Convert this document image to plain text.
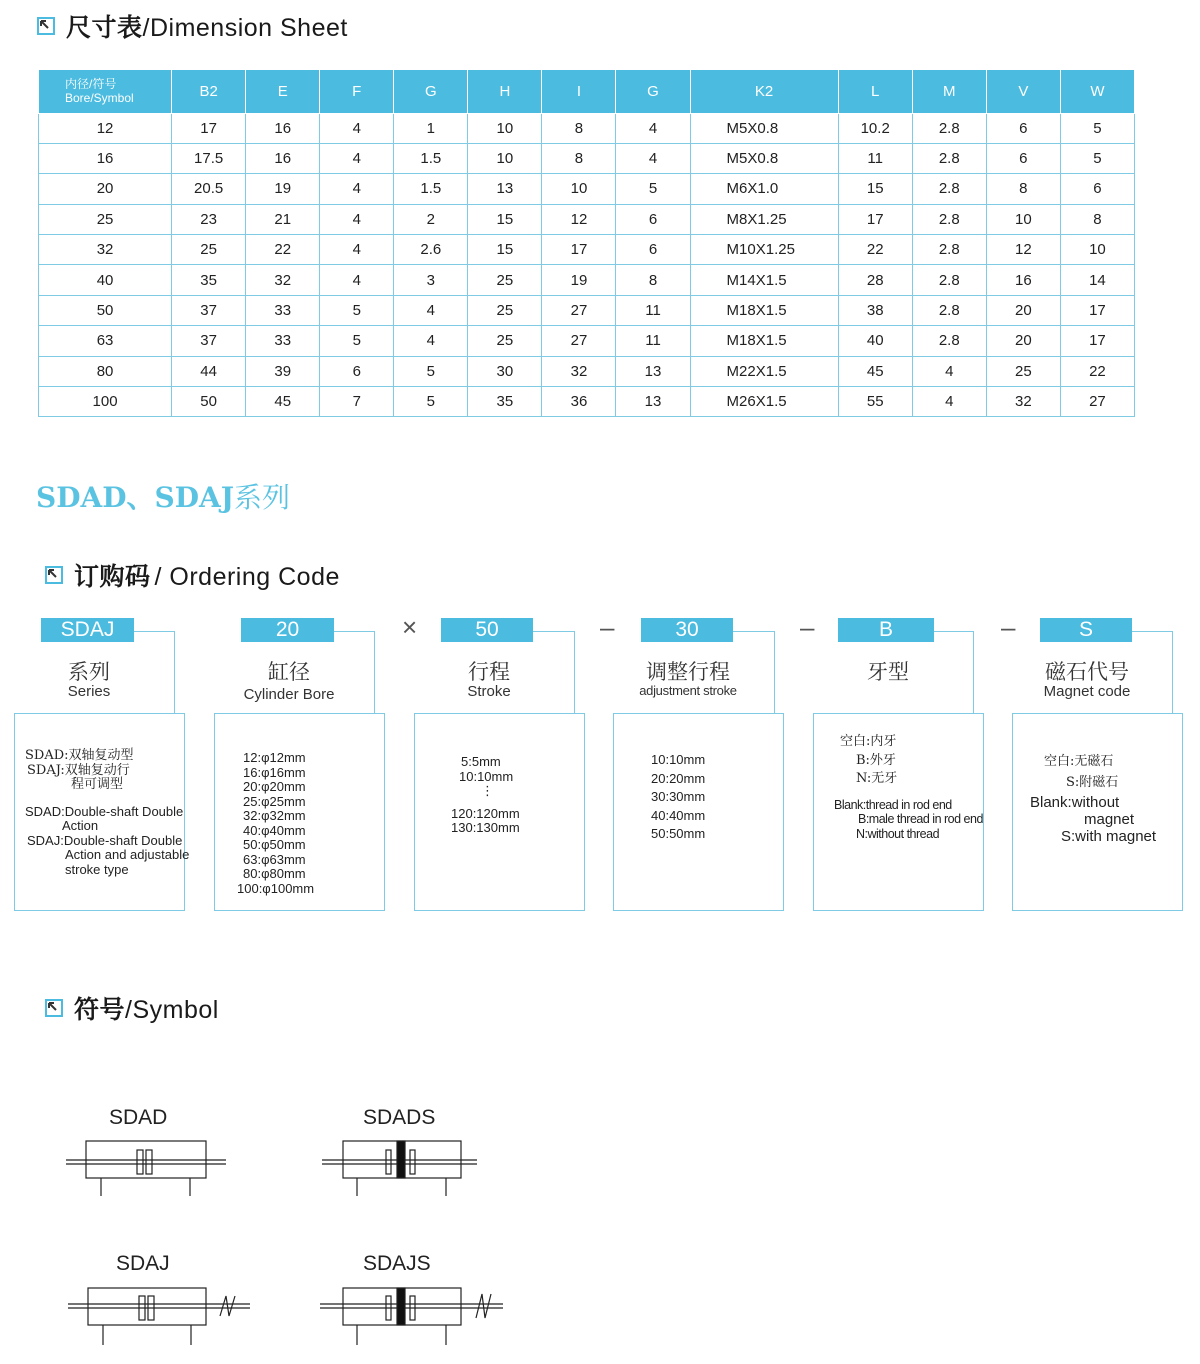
尺寸表/Dimension Sheet
内径/符号
Bore/Symbol	B2	E	F	G	H	I	G	K2	L	M	V	W
12	17	16	4	1	10	8	4	M5X0.8	10.2	2.8	6	5
16	17.5	16	4	1.5	10	8	4	M5X0.8	11	2.8	6	5
20	20.5	19	4	1.5	13	10	5	M6X1.0	15	2.8	8	6
25	23	21	4	2	15	12	6	M8X1.25	17	2.8	10	8
32	25	22	4	2.6	15	17	6	M10X1.25	22	2.8	12	10
40	35	32	4	3	25	19	8	M14X1.5	28	2.8	16	14
50	37	33	5	4	25	27	11	M18X1.5	38	2.8	20	17
63	37	33	5	4	25	27	11	M18X1.5	40	2.8	20	17
80	44	39	6	5	30	32	13	M22X1.5	45	4	25	22
100	50	45	7	5	35	36	13	M26X1.5	55	4	32	27
SDAD、SDAJ系列
订购码 / Ordering Code
SDAJ
系列
Series
SDAD:双轴复动型
SDAJ:双轴复动行
程可调型
SDAD:Double-shaft Double
Action
SDAJ:Double-shaft Double
Action and adjustable
stroke type
20
缸径
Cylinder Bore
12:φ12mm
16:φ16mm
20:φ20mm
25:φ25mm
32:φ32mm
40:φ40mm
50:φ50mm
63:φ63mm
80:φ80mm
100:φ100mm
50
行程
Stroke
5:5mm
10:10mm
⋮
120:120mm
130:130mm
30
调整行程
adjustment stroke
10:10mm
20:20mm
30:30mm
40:40mm
50:50mm
B
牙型
空白:内牙
B:外牙
N:无牙
Blank:thread in rod end
B:male thread in rod end
N:without thread
S
磁石代号
Magnet code
空白:无磁石
S:附磁石
Blank:without
magnet
S:with magnet
×	–	–	–
符号/Symbol
SDAD	SDADS
SDAJ	SDAJS
